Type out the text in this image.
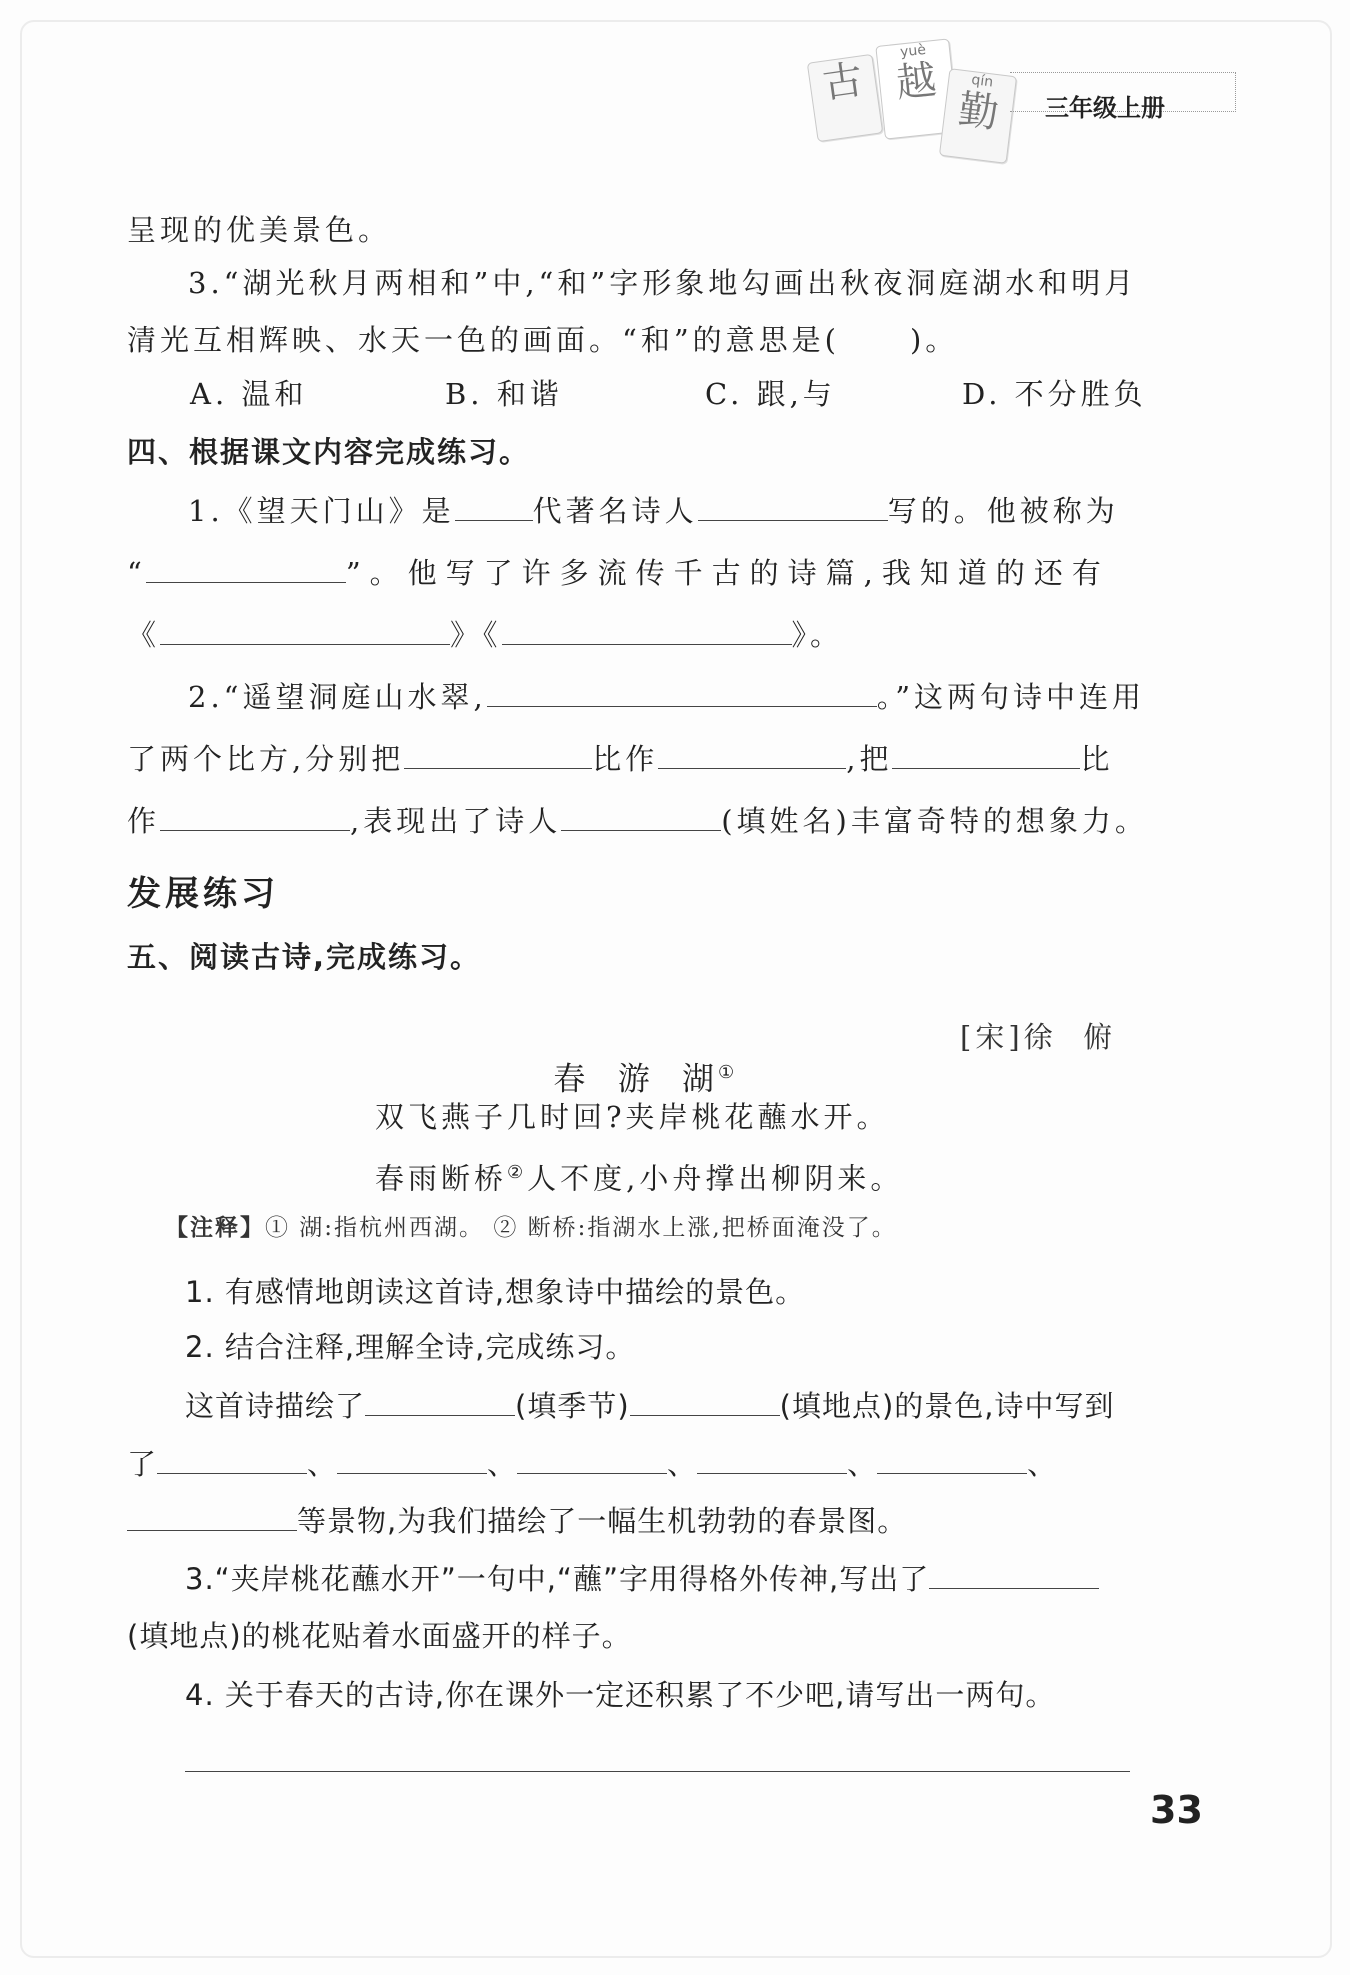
古
yuè
越	qín
勤	三年级上册
呈现的优美景色。
3.“湖光秋月两相和”中,“和”字形象地勾画出秋夜洞庭湖水和明月
清光互相辉映、水天一色的画面。“和”的意思是( )。
A. 温和	B. 和谐	C. 跟,与	D. 不分胜负
四、根据课文内容完成练习。
1.《望天门山》是	代著名诗人	写的。他被称为
“	”。他写了许多流传千古的诗篇,我知道的还有
《	》《	》。
2.“遥望洞庭山水翠,	。”这两句诗中连用
了两个比方,分别把	比作	,把	比
作	,表现出了诗人	(填姓名)丰富奇特的想象力。
发展练习
五、阅读古诗,完成练习。

春  游  湖①

[宋]徐  俯
双飞燕子几时回?夹岸桃花蘸水开。
春雨断桥②人不度,小舟撑出柳阴来。
【注释】① 湖:指杭州西湖。 ② 断桥:指湖水上涨,把桥面淹没了。
1. 有感情地朗读这首诗,想象诗中描绘的景色。
2. 结合注释,理解全诗,完成练习。
这首诗描绘了	(填季节)	(填地点)的景色,诗中写到
了	、	、	、	、	、
等景物,为我们描绘了一幅生机勃勃的春景图。
3.“夹岸桃花蘸水开”一句中,“蘸”字用得格外传神,写出了
(填地点)的桃花贴着水面盛开的样子。
4. 关于春天的古诗,你在课外一定还积累了不少吧,请写出一两句。
33
